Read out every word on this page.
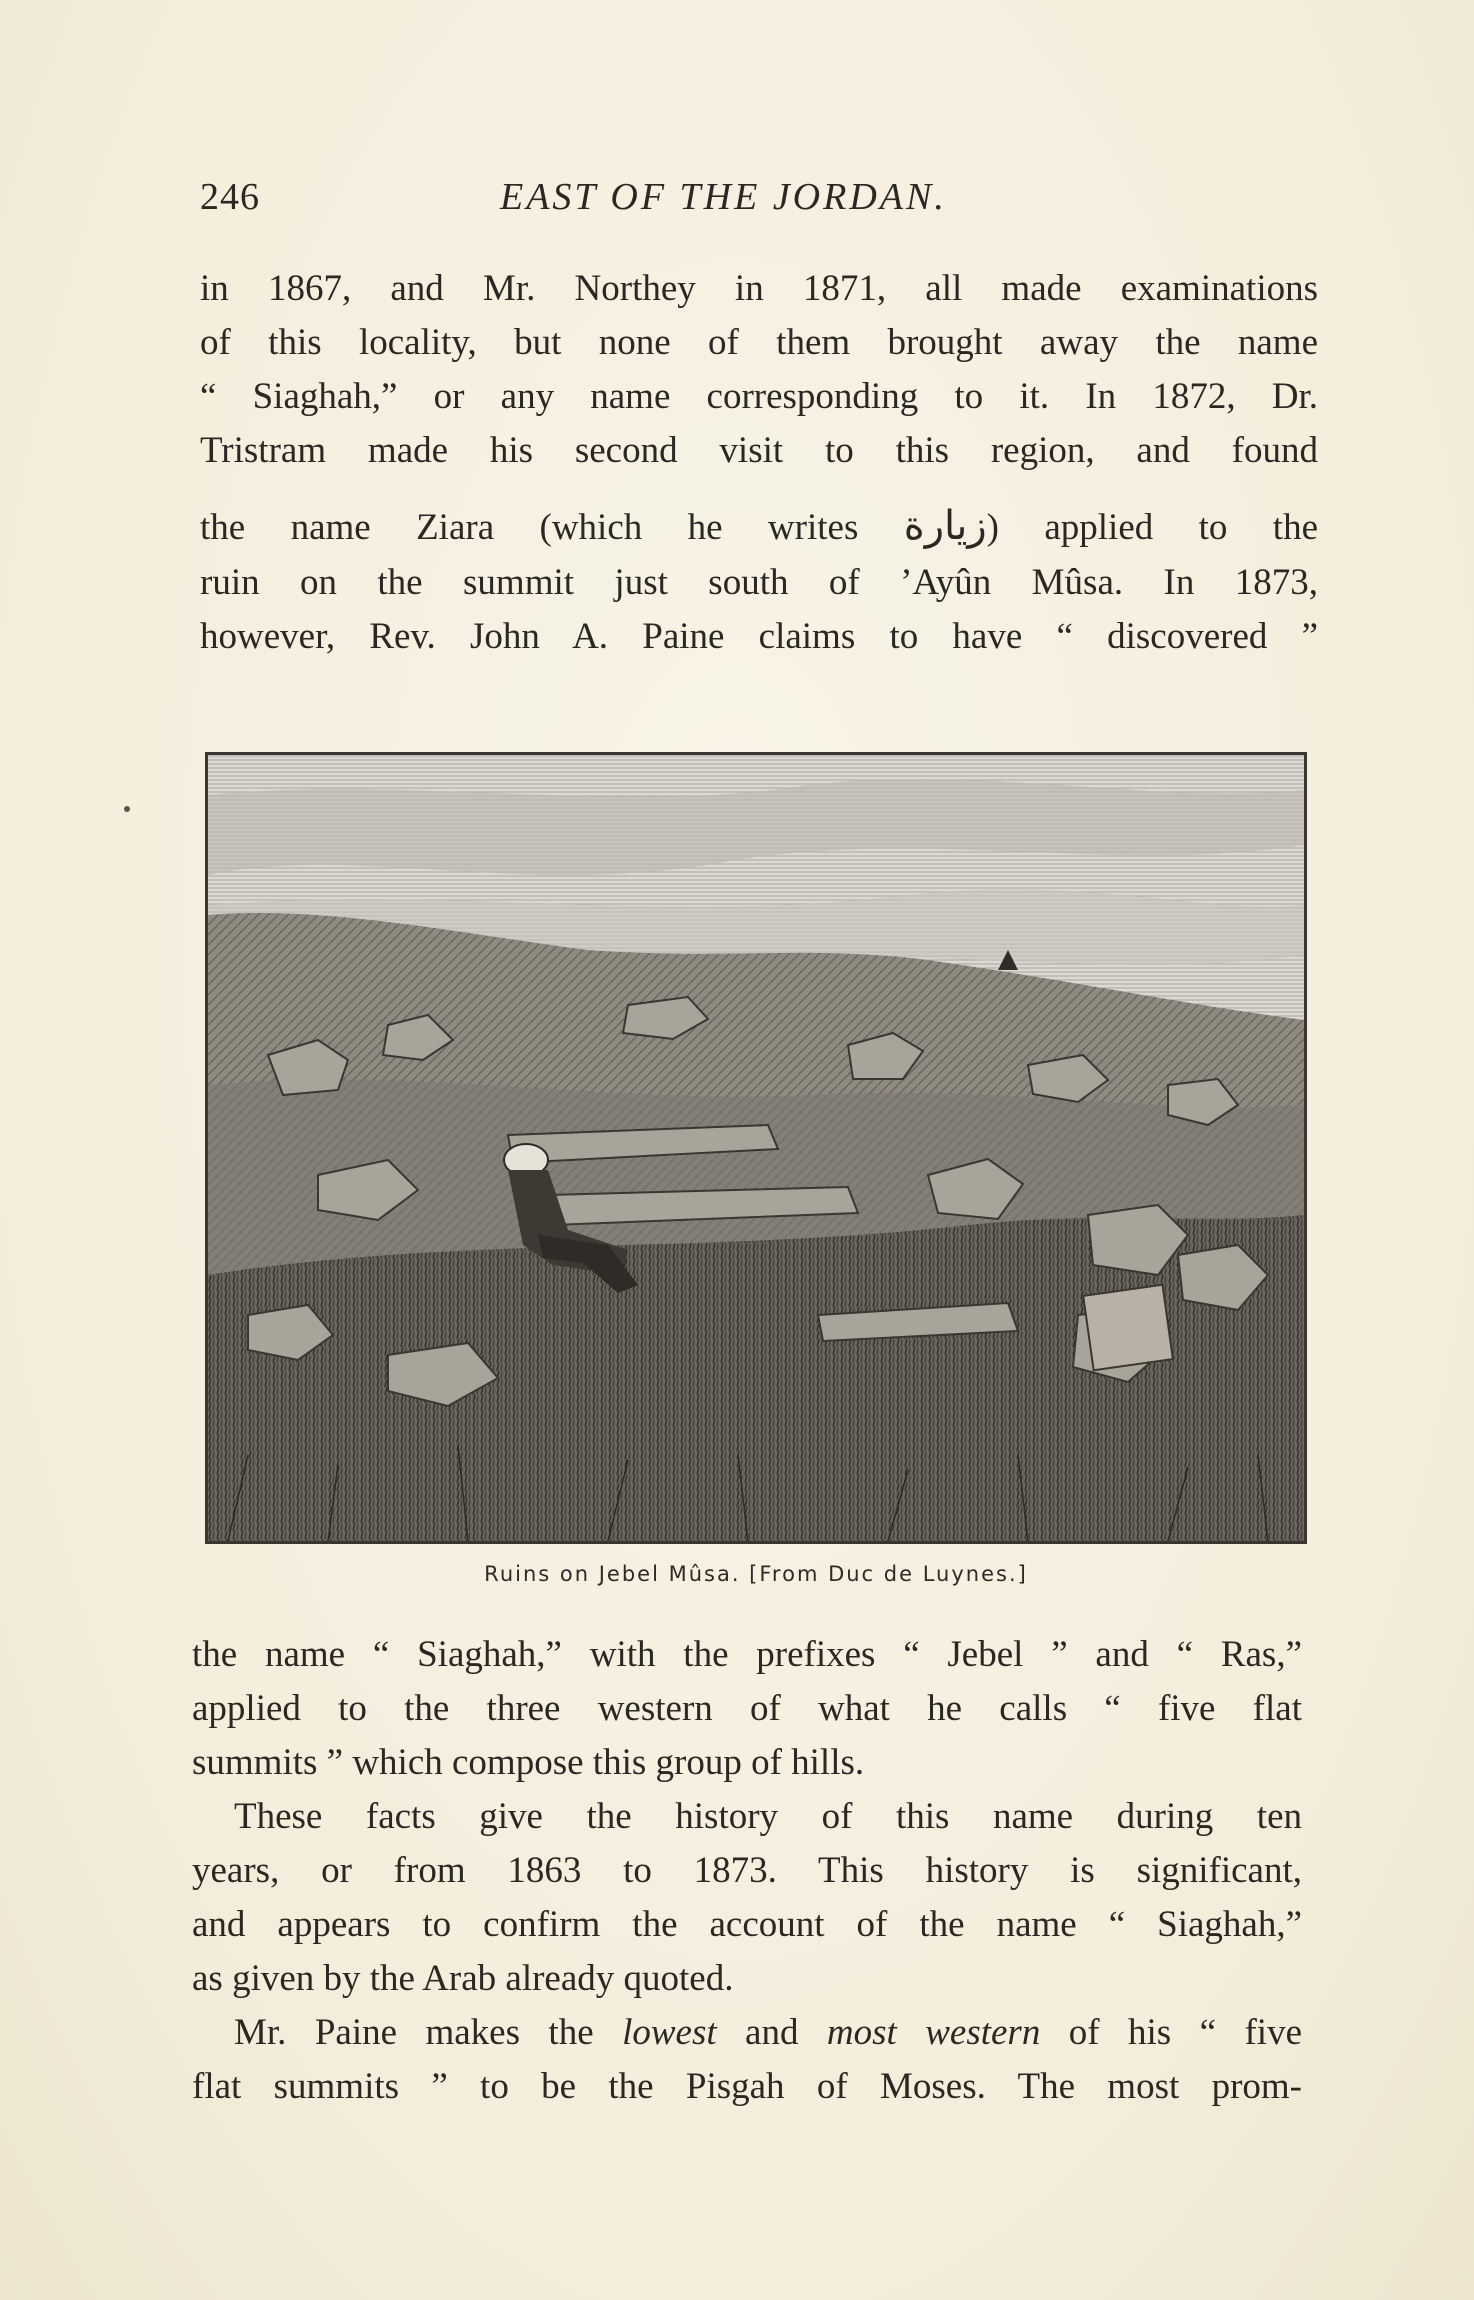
246	EAST OF THE JORDAN.
in 1867, and Mr. Northey in 1871, all made examinations
of this locality, but none of them brought away the name
“ Siaghah,” or any name corresponding to it. In 1872, Dr.
Tristram made his second visit to this region, and found
the name Ziara (which he writes زيارة) applied to the
ruin on the summit just south of ’Ayûn Mûsa. In 1873,
however, Rev. John A. Paine claims to have “ discovered ”
Ruins on Jebel Mûsa. [From Duc de Luynes.]
the name “ Siaghah,” with the prefixes “ Jebel ” and “ Ras,”
applied to the three western of what he calls “ five flat
summits ” which compose this group of hills.
These facts give the history of this name during ten
years, or from 1863 to 1873. This history is significant,
and appears to confirm the account of the name “ Siaghah,”
as given by the Arab already quoted.
Mr. Paine makes the lowest and most western of his “ five
flat summits ” to be the Pisgah of Moses. The most prom-
